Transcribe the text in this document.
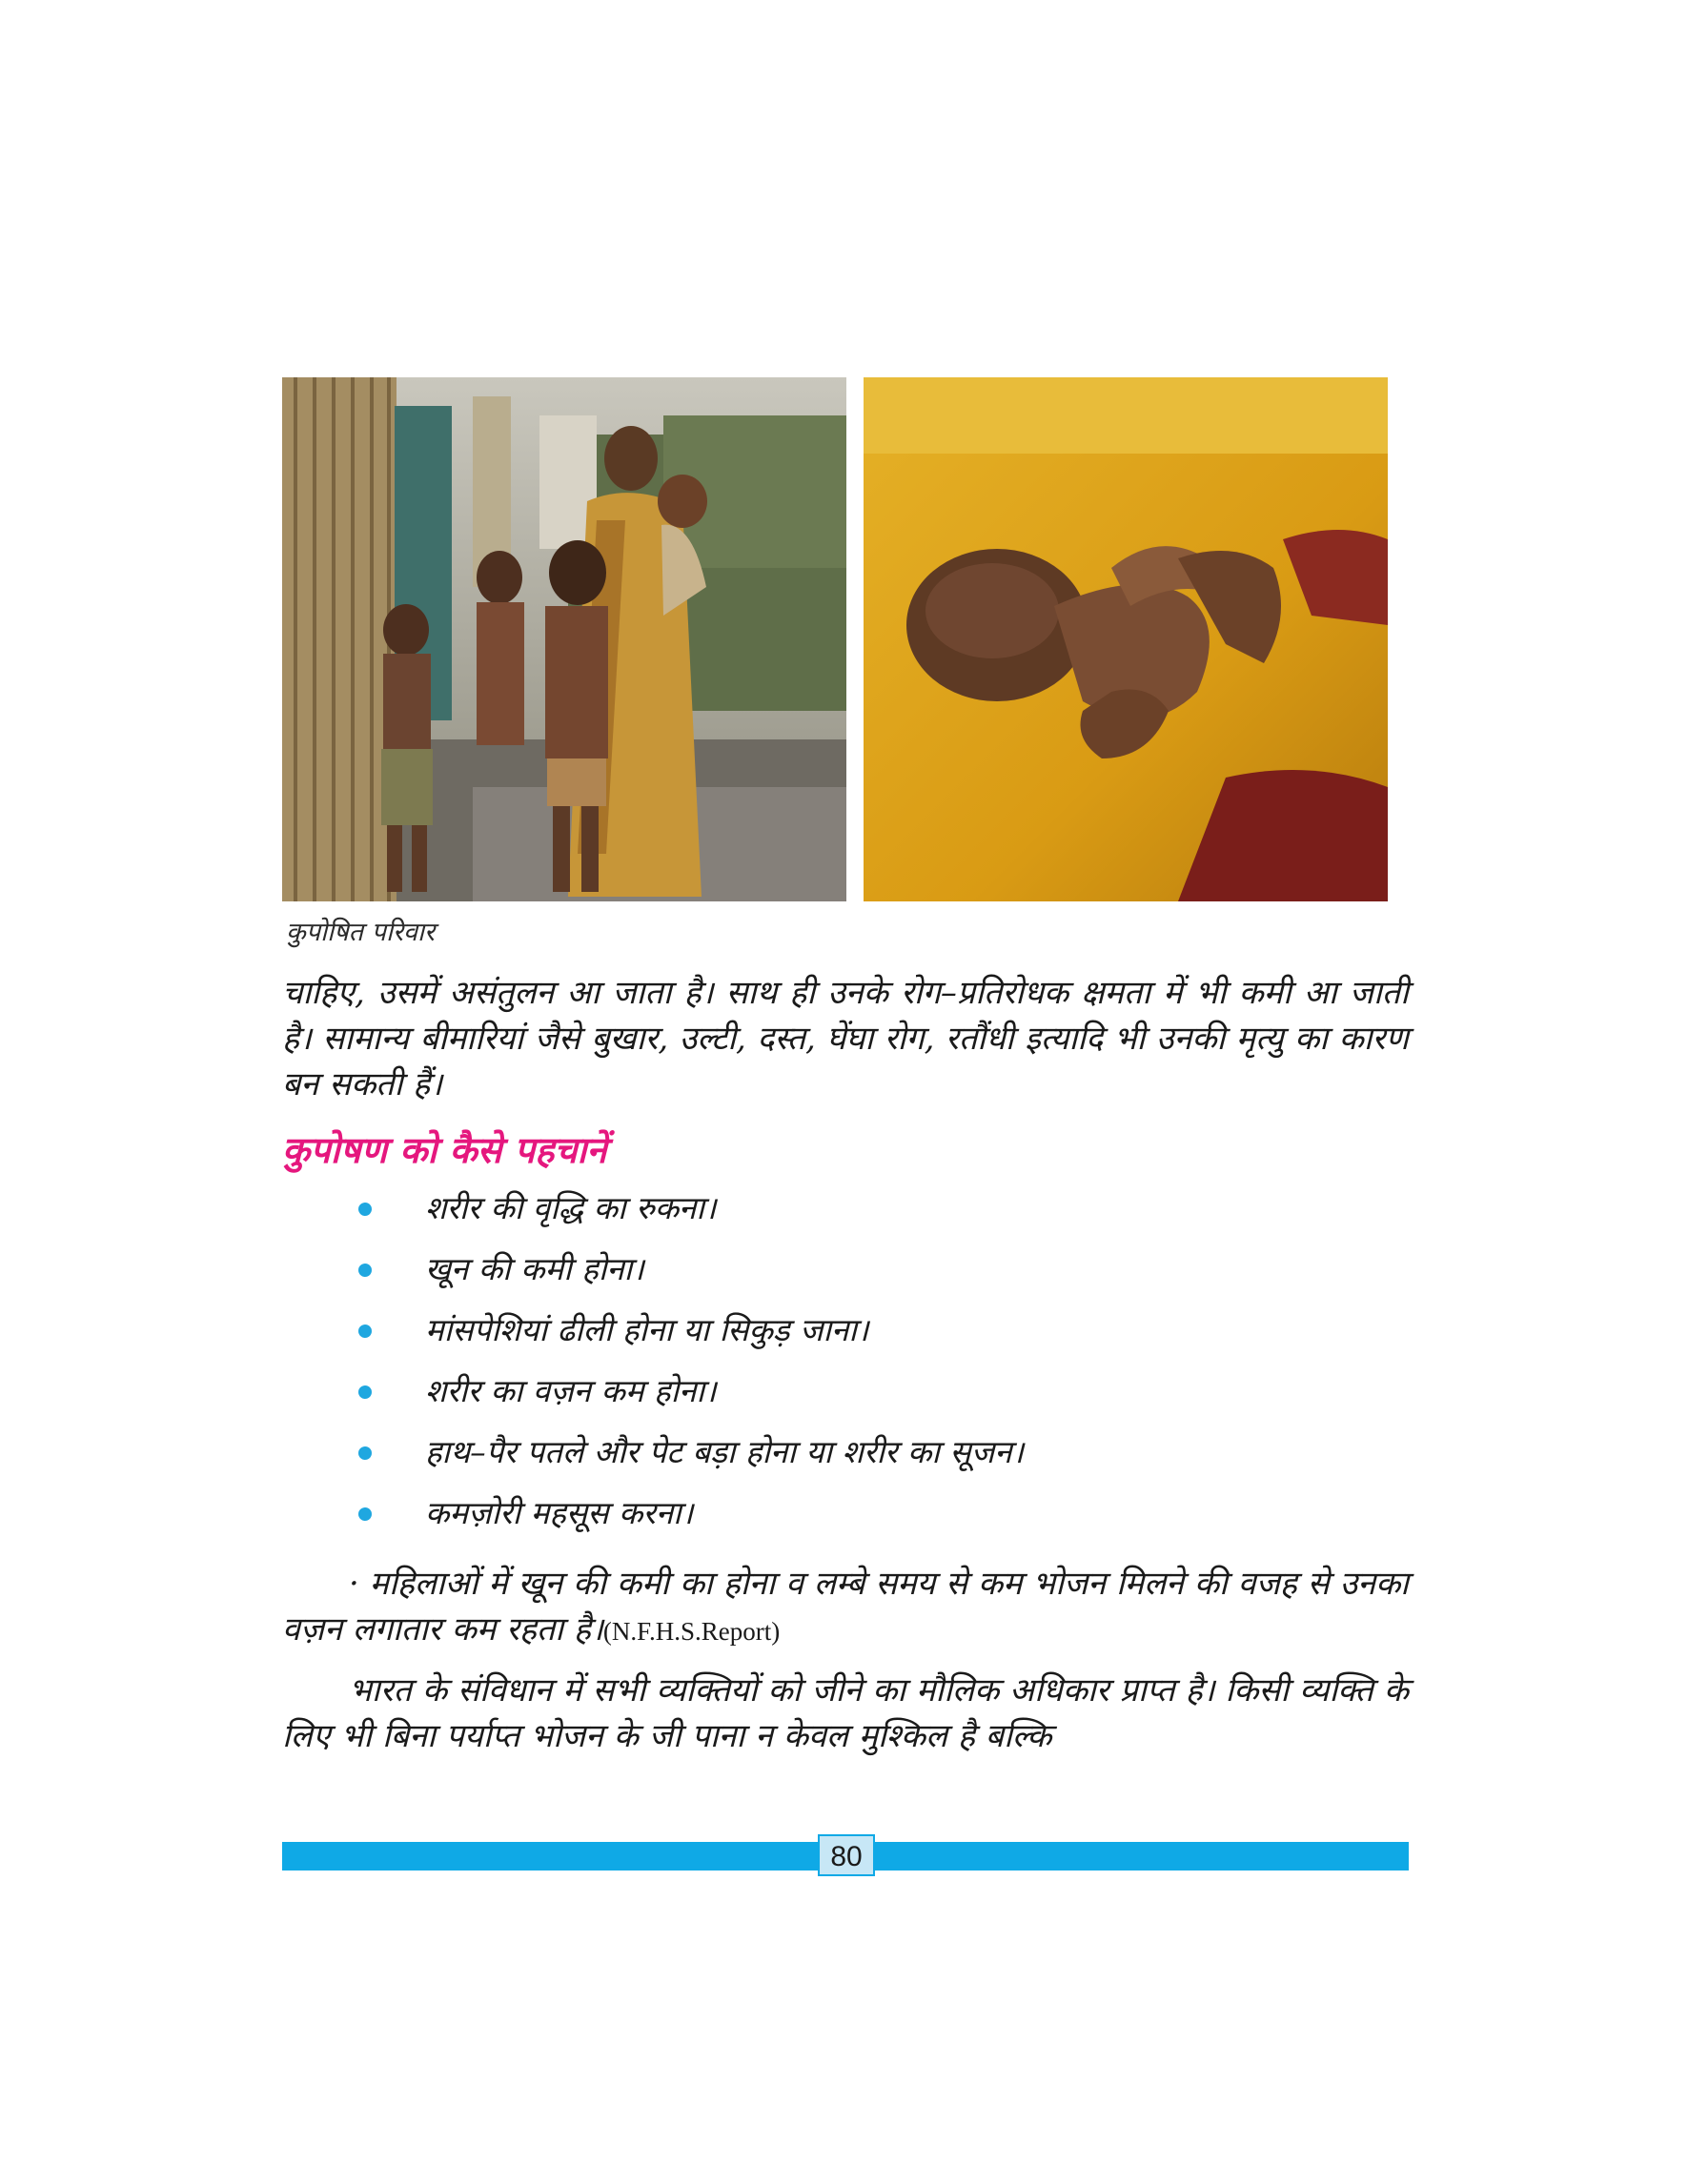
कुपोषित परिवार

चाहिए, उसमें असंतुलन आ जाता है। साथ ही उनके रोग–प्रतिरोधक क्षमता में भी कमी आ जाती है। सामान्य बीमारियां जैसे बुखार, उल्टी, दस्त, घेंघा रोग, रतौंधी इत्यादि भी उनकी मृत्यु का कारण बन सकती हैं।

कुपोषण को कैसे पहचानें
शरीर की वृद्धि का रुकना।
खून की कमी होना।
मांसपेशियां ढीली होना या सिकुड़ जाना।
शरीर का वज़न कम होना।
हाथ–पैर पतले और पेट बड़ा होना या शरीर का सूजन।
कमज़ोरी महसूस करना।

· महिलाओं में खून की कमी का होना व लम्बे समय से कम भोजन मिलने की वजह से उनका वज़न लगातार कम रहता है।(N.F.H.S.Report)

भारत के संविधान में सभी व्यक्तियों को जीने का मौलिक अधिकार प्राप्त है। किसी व्यक्ति के लिए भी बिना पर्याप्त भोजन के जी पाना न केवल मुश्किल है बल्कि

80
